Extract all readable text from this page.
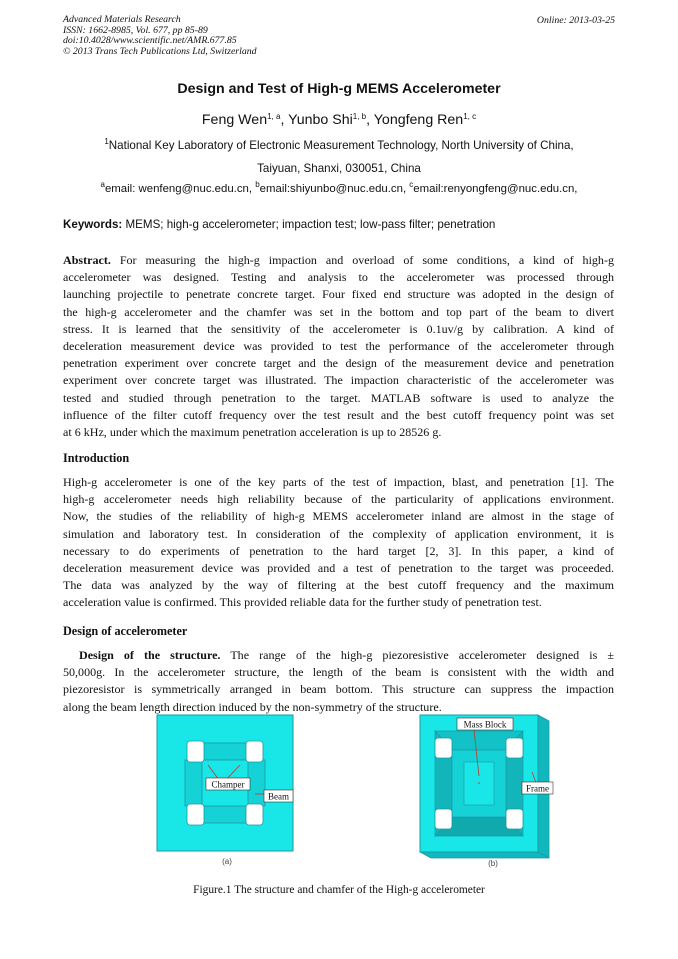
Advanced Materials Research
ISSN: 1662-8985, Vol. 677, pp 85-89
doi:10.4028/www.scientific.net/AMR.677.85
© 2013 Trans Tech Publications Ltd, Switzerland
Online: 2013-03-25
Design and Test of High-g MEMS Accelerometer
Feng Wen$^{1, a}$, Yunbo Shi$^{1, b}$, Yongfeng Ren$^{1, c}$
$^1$National Key Laboratory of Electronic Measurement Technology, North University of China,
Taiyuan, Shanxi, 030051, China
$^a$email: wenfeng@nuc.edu.cn, $^b$email:shiyunbo@nuc.edu.cn, $^c$email:renyongfeng@nuc.edu.cn,
Keywords: MEMS; high-g accelerometer; impaction test; low-pass filter; penetration
Abstract. For measuring the high-g impaction and overload of some conditions, a kind of high-g
accelerometer was designed. Testing and analysis to the accelerometer was processed through
launching projectile to penetrate concrete target. Four fixed end structure was adopted in the design of
the high-g accelerometer and the chamfer was set in the bottom and top part of the beam to divert
stress. It is learned that the sensitivity of the accelerometer is 0.1uv/g by calibration. A kind of
deceleration measurement device was provided to test the performance of the accelerometer through
penetration experiment over concrete target and the design of the measurement device and penetration
experiment over concrete target was illustrated. The impaction characteristic of the accelerometer was
tested and studied through penetration to the target. MATLAB software is used to analyze the
influence of the filter cutoff frequency over the test result and the best cutoff frequency point was set
at 6 kHz, under which the maximum penetration acceleration is up to 28526 g.
Introduction
High-g accelerometer is one of the key parts of the test of impaction, blast, and penetration [1]. The
high-g accelerometer needs high reliability because of the particularity of applications environment.
Now, the studies of the reliability of high-g MEMS accelerometer inland are almost in the stage of
simulation and laboratory test. In consideration of the complexity of application environment, it is
necessary to do experiments of penetration to the hard target [2, 3]. In this paper, a kind of
deceleration measurement device was provided and a test of penetration to the target was proceeded.
The data was analyzed by the way of filtering at the best cutoff frequency and the maximum
acceleration value is confirmed. This provided reliable data for the further study of penetration test.
Design of accelerometer
Design of the structure. The range of the high-g piezoresistive accelerometer designed is ±
50,000g. In the accelerometer structure, the length of the beam is consistent with the width and
piezoresistor is symmetrically arranged in beam bottom. This structure can suppress the impaction
along the beam length direction induced by the non-symmetry of the structure.
Champer
Beam
(a)
Mass Block
Frame
(b)
Figure.1 The structure and chamfer of the High-g accelerometer
